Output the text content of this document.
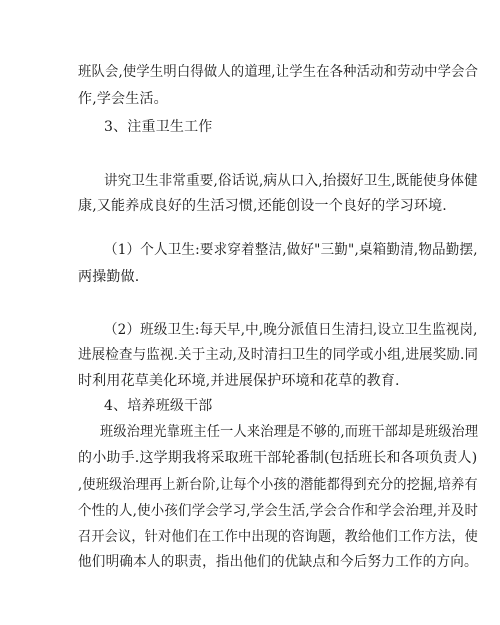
班队会,使学生明白得做人的道理,让学生在各种活动和劳动中学会合
作,学会生活。
3、注重卫生工作
讲究卫生非常重要,俗话说,病从口入,抬掇好卫生,既能使身体健
康,又能养成良好的生活习惯,还能创设一个良好的学习环境.
（1）个人卫生:要求穿着整洁,做好"三勤",桌箱勤清,物品勤摆,
两操勤做.
（2）班级卫生:每天早,中,晚分派值日生清扫,设立卫生监视岗,
进展检查与监视.关于主动,及时清扫卫生的同学或小组,进展奖励.同
时利用花草美化环境,并进展保护环境和花草的教育.
4、培养班级干部
班级治理光靠班主任一人来治理是不够的,而班干部却是班级治理
的小助手.这学期我将采取班干部轮番制(包括班长和各项负责人)
,使班级治理再上新台阶,让每个小孩的潜能都得到充分的挖掘,培养有
个性的人,使小孩们学会学习,学会生活,学会合作和学会治理,并及时
召开会议，针对他们在工作中出现的咨询题，教给他们工作方法，使
他们明确本人的职责，指出他们的优缺点和今后努力工作的方向。
